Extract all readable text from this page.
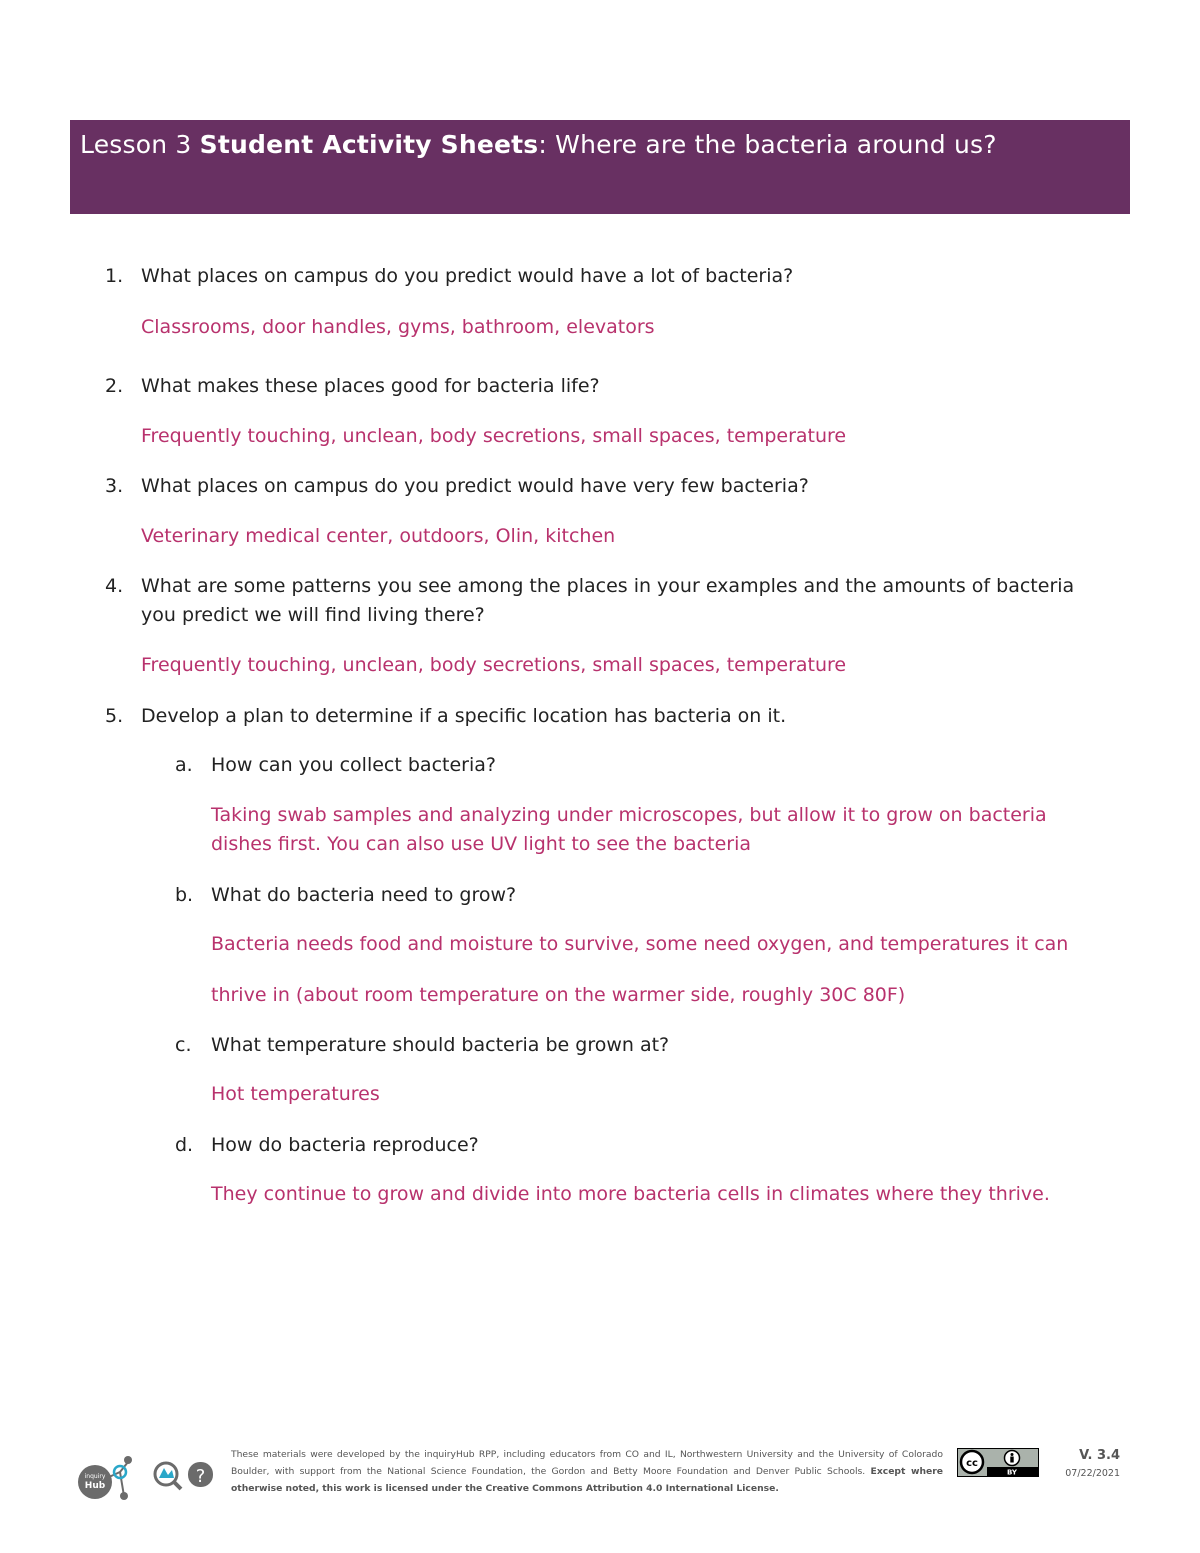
Lesson 3 Student Activity Sheets: Where are the bacteria around us?
1. What places on campus do you predict would have a lot of bacteria?
Classrooms, door handles, gyms, bathroom, elevators
2. What makes these places good for bacteria life?
Frequently touching, unclean, body secretions, small spaces, temperature
3. What places on campus do you predict would have very few bacteria?
Veterinary medical center, outdoors, Olin, kitchen
4. What are some patterns you see among the places in your examples and the amounts of bacteria
you predict we will find living there?
Frequently touching, unclean, body secretions, small spaces, temperature
5. Develop a plan to determine if a specific location has bacteria on it.
a. How can you collect bacteria?
Taking swab samples and analyzing under microscopes, but allow it to grow on bacteria
dishes first. You can also use UV light to see the bacteria
b. What do bacteria need to grow?
Bacteria needs food and moisture to survive, some need oxygen, and temperatures it can
thrive in (about room temperature on the warmer side, roughly 30C 80F)
c. What temperature should bacteria be grown at?
Hot temperatures
d. How do bacteria reproduce?
They continue to grow and divide into more bacteria cells in climates where they thrive.
inquiry
Hub	?
These materials were developed by the inquiryHub RPP, including educators from CO and IL, Northwestern University and the University of Colorado Boulder, with support from the National Science Foundation, the Gordon and Betty Moore Foundation and Denver Public Schools. Except where otherwise noted, this work is licensed under the Creative Commons Attribution 4.0 International License.
cc
BY
V. 3.4
07/22/2021
